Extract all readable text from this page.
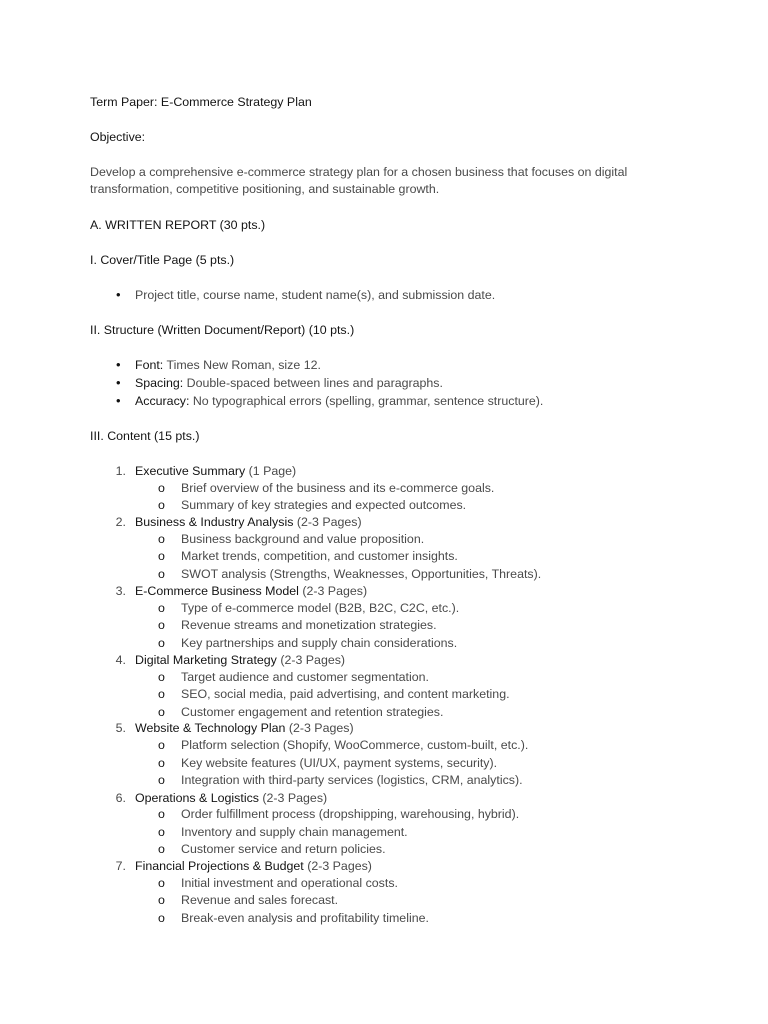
Term Paper: E-Commerce Strategy Plan
Objective:
Develop a comprehensive e-commerce strategy plan for a chosen business that focuses on digital transformation, competitive positioning, and sustainable growth.
A. WRITTEN REPORT (30 pts.)
I. Cover/Title Page (5 pts.)
• Project title, course name, student name(s), and submission date.
II. Structure (Written Document/Report) (10 pts.)
• Font: Times New Roman, size 12.
• Spacing: Double-spaced between lines and paragraphs.
• Accuracy: No typographical errors (spelling, grammar, sentence structure).
III. Content (15 pts.)
1. Executive Summary (1 Page)
o Brief overview of the business and its e-commerce goals.
o Summary of key strategies and expected outcomes.
2. Business & Industry Analysis (2-3 Pages)
o Business background and value proposition.
o Market trends, competition, and customer insights.
o SWOT analysis (Strengths, Weaknesses, Opportunities, Threats).
3. E-Commerce Business Model (2-3 Pages)
o Type of e-commerce model (B2B, B2C, C2C, etc.).
o Revenue streams and monetization strategies.
o Key partnerships and supply chain considerations.
4. Digital Marketing Strategy (2-3 Pages)
o Target audience and customer segmentation.
o SEO, social media, paid advertising, and content marketing.
o Customer engagement and retention strategies.
5. Website & Technology Plan (2-3 Pages)
o Platform selection (Shopify, WooCommerce, custom-built, etc.).
o Key website features (UI/UX, payment systems, security).
o Integration with third-party services (logistics, CRM, analytics).
6. Operations & Logistics (2-3 Pages)
o Order fulfillment process (dropshipping, warehousing, hybrid).
o Inventory and supply chain management.
o Customer service and return policies.
7. Financial Projections & Budget (2-3 Pages)
o Initial investment and operational costs.
o Revenue and sales forecast.
o Break-even analysis and profitability timeline.
